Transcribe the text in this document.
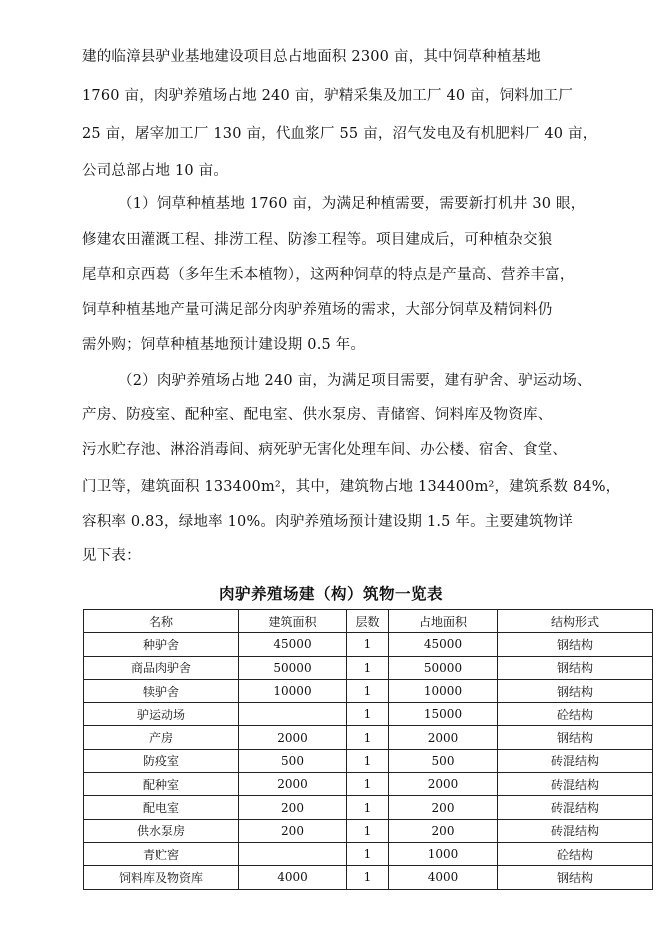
建的临漳县驴业基地建设项目总占地面积 2300 亩，其中饲草种植基地
1760 亩，肉驴养殖场占地 240 亩，驴精采集及加工厂 40 亩，饲料加工厂
25 亩，屠宰加工厂 130 亩，代血浆厂 55 亩，沼气发电及有机肥料厂 40 亩，
公司总部占地 10 亩。
（1）饲草种植基地 1760 亩，为满足种植需要，需要新打机井 30 眼，
修建农田灌溉工程、排涝工程、防渗工程等。项目建成后，可种植杂交狼
尾草和京西葛（多年生禾本植物），这两种饲草的特点是产量高、营养丰富，
饲草种植基地产量可满足部分肉驴养殖场的需求，大部分饲草及精饲料仍
需外购；饲草种植基地预计建设期 0.5 年。
（2）肉驴养殖场占地 240 亩，为满足项目需要，建有驴舍、驴运动场、
产房、防疫室、配种室、配电室、供水泵房、青储窖、饲料库及物资库、
污水贮存池、淋浴消毒间、病死驴无害化处理车间、办公楼、宿舍、食堂、
门卫等，建筑面积 133400m²，其中，建筑物占地 134400m²，建筑系数 84%，
容积率 0.83，绿地率 10%。肉驴养殖场预计建设期 1.5 年。主要建筑物详
见下表：
肉驴养殖场建（构）筑物一览表
名称	建筑面积	层数	占地面积	结构形式
种驴舍	45000	1	45000	钢结构
商品肉驴舍	50000	1	50000	钢结构
犊驴舍	10000	1	10000	钢结构
驴运动场		1	15000	砼结构
产房	2000	1	2000	钢结构
防疫室	500	1	500	砖混结构
配种室	2000	1	2000	砖混结构
配电室	200	1	200	砖混结构
供水泵房	200	1	200	砖混结构
青贮窖		1	1000	砼结构
饲料库及物资库	4000	1	4000	钢结构
